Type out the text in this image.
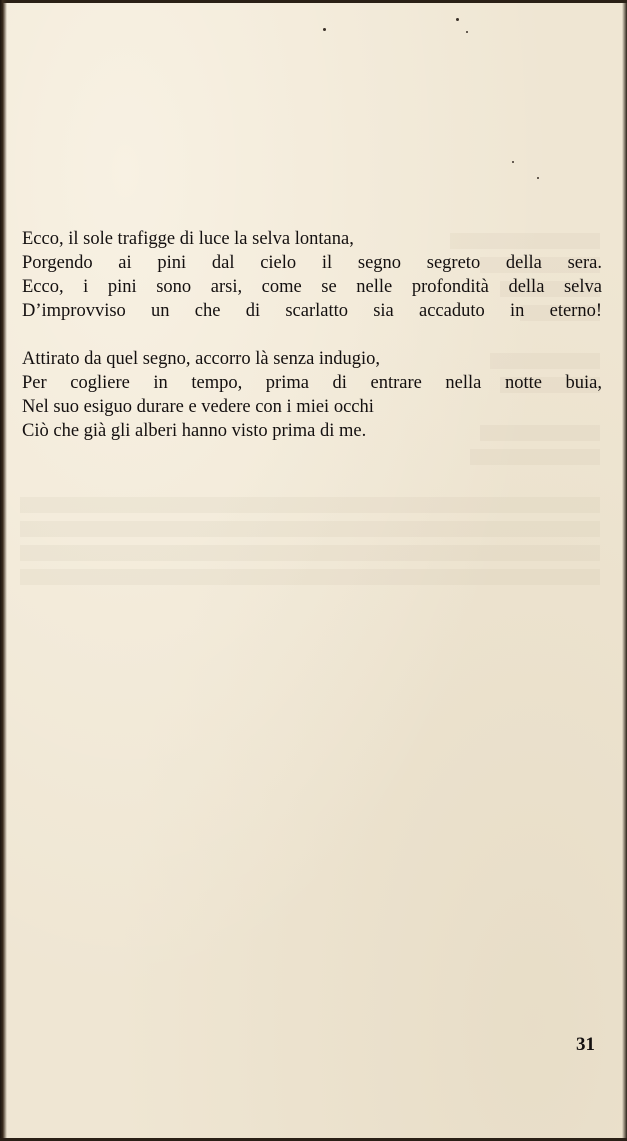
Ecco, il sole trafigge di luce la selva lontana,
Porgendo ai pini dal cielo il segno segreto della sera.
Ecco, i pini sono arsi, come se nelle profondità della selva
D’improvviso un che di scarlatto sia accaduto in eterno!
Attirato da quel segno, accorro là senza indugio,
Per cogliere in tempo, prima di entrare nella notte buia,
Nel suo esiguo durare e vedere con i miei occhi
Ciò che già gli alberi hanno visto prima di me.
31
